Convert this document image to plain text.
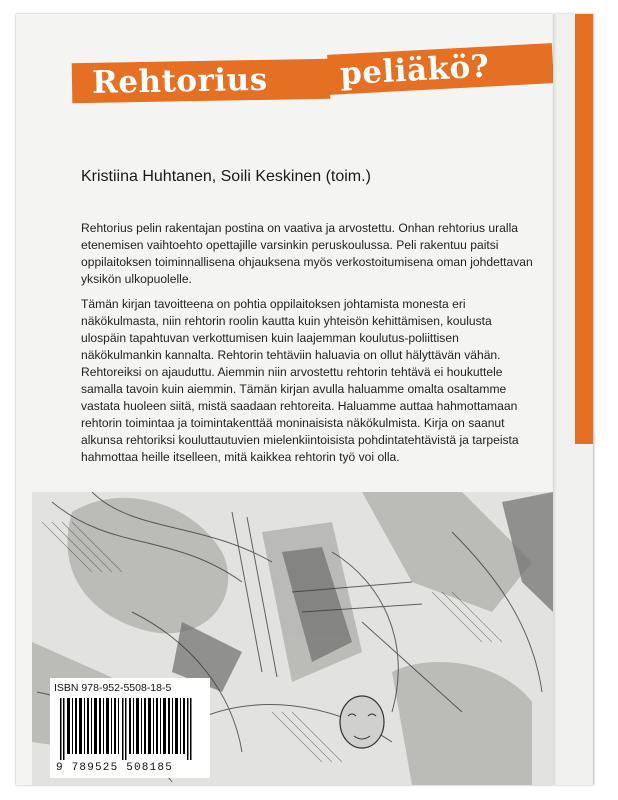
Rehtorius peliäkö?
Kristiina Huhtanen, Soili Keskinen (toim.)

Rehtorius pelin rakentajan postina on vaativa ja arvostettu. Onhan rehtorius uralla etenemisen vaihtoehto opettajille varsinkin peruskoulussa. Peli rakentuu paitsi oppilaitoksen toiminnallisena ohjauksena myös verkostoitumisena oman johdettavan yksikön ulkopuolelle.

Tämän kirjan tavoitteena on pohtia oppilaitoksen johtamista monesta eri näkökulmasta, niin rehtorin roolin kautta kuin yhteisön kehittämisen, koulusta ulospäin tapahtuvan verkottumisen kuin laajemman koulutus-poliittisen näkökulmankin kannalta. Rehtorin tehtäviin haluavia on ollut hälyttävän vähän. Rehtoreiksi on ajauduttu. Aiemmin niin arvostettu rehtorin tehtävä ei houkuttele samalla tavoin kuin aiemmin. Tämän kirjan avulla haluamme omalta osaltamme vastata huoleen siitä, mistä saadaan rehtoreita. Haluamme auttaa hahmottamaan rehtorin toimintaa ja toimintakenttää moninaisista näkökulmista. Kirja on saanut alkunsa rehtoriksi kouluttautuvien mielenkiintoisista pohdintatehtävistä ja tarpeista hahmottaa heille itselleen, mitä kaikkea rehtorin työ voi olla.

ISBN 978-952-5508-18-5
9 789525 508185
